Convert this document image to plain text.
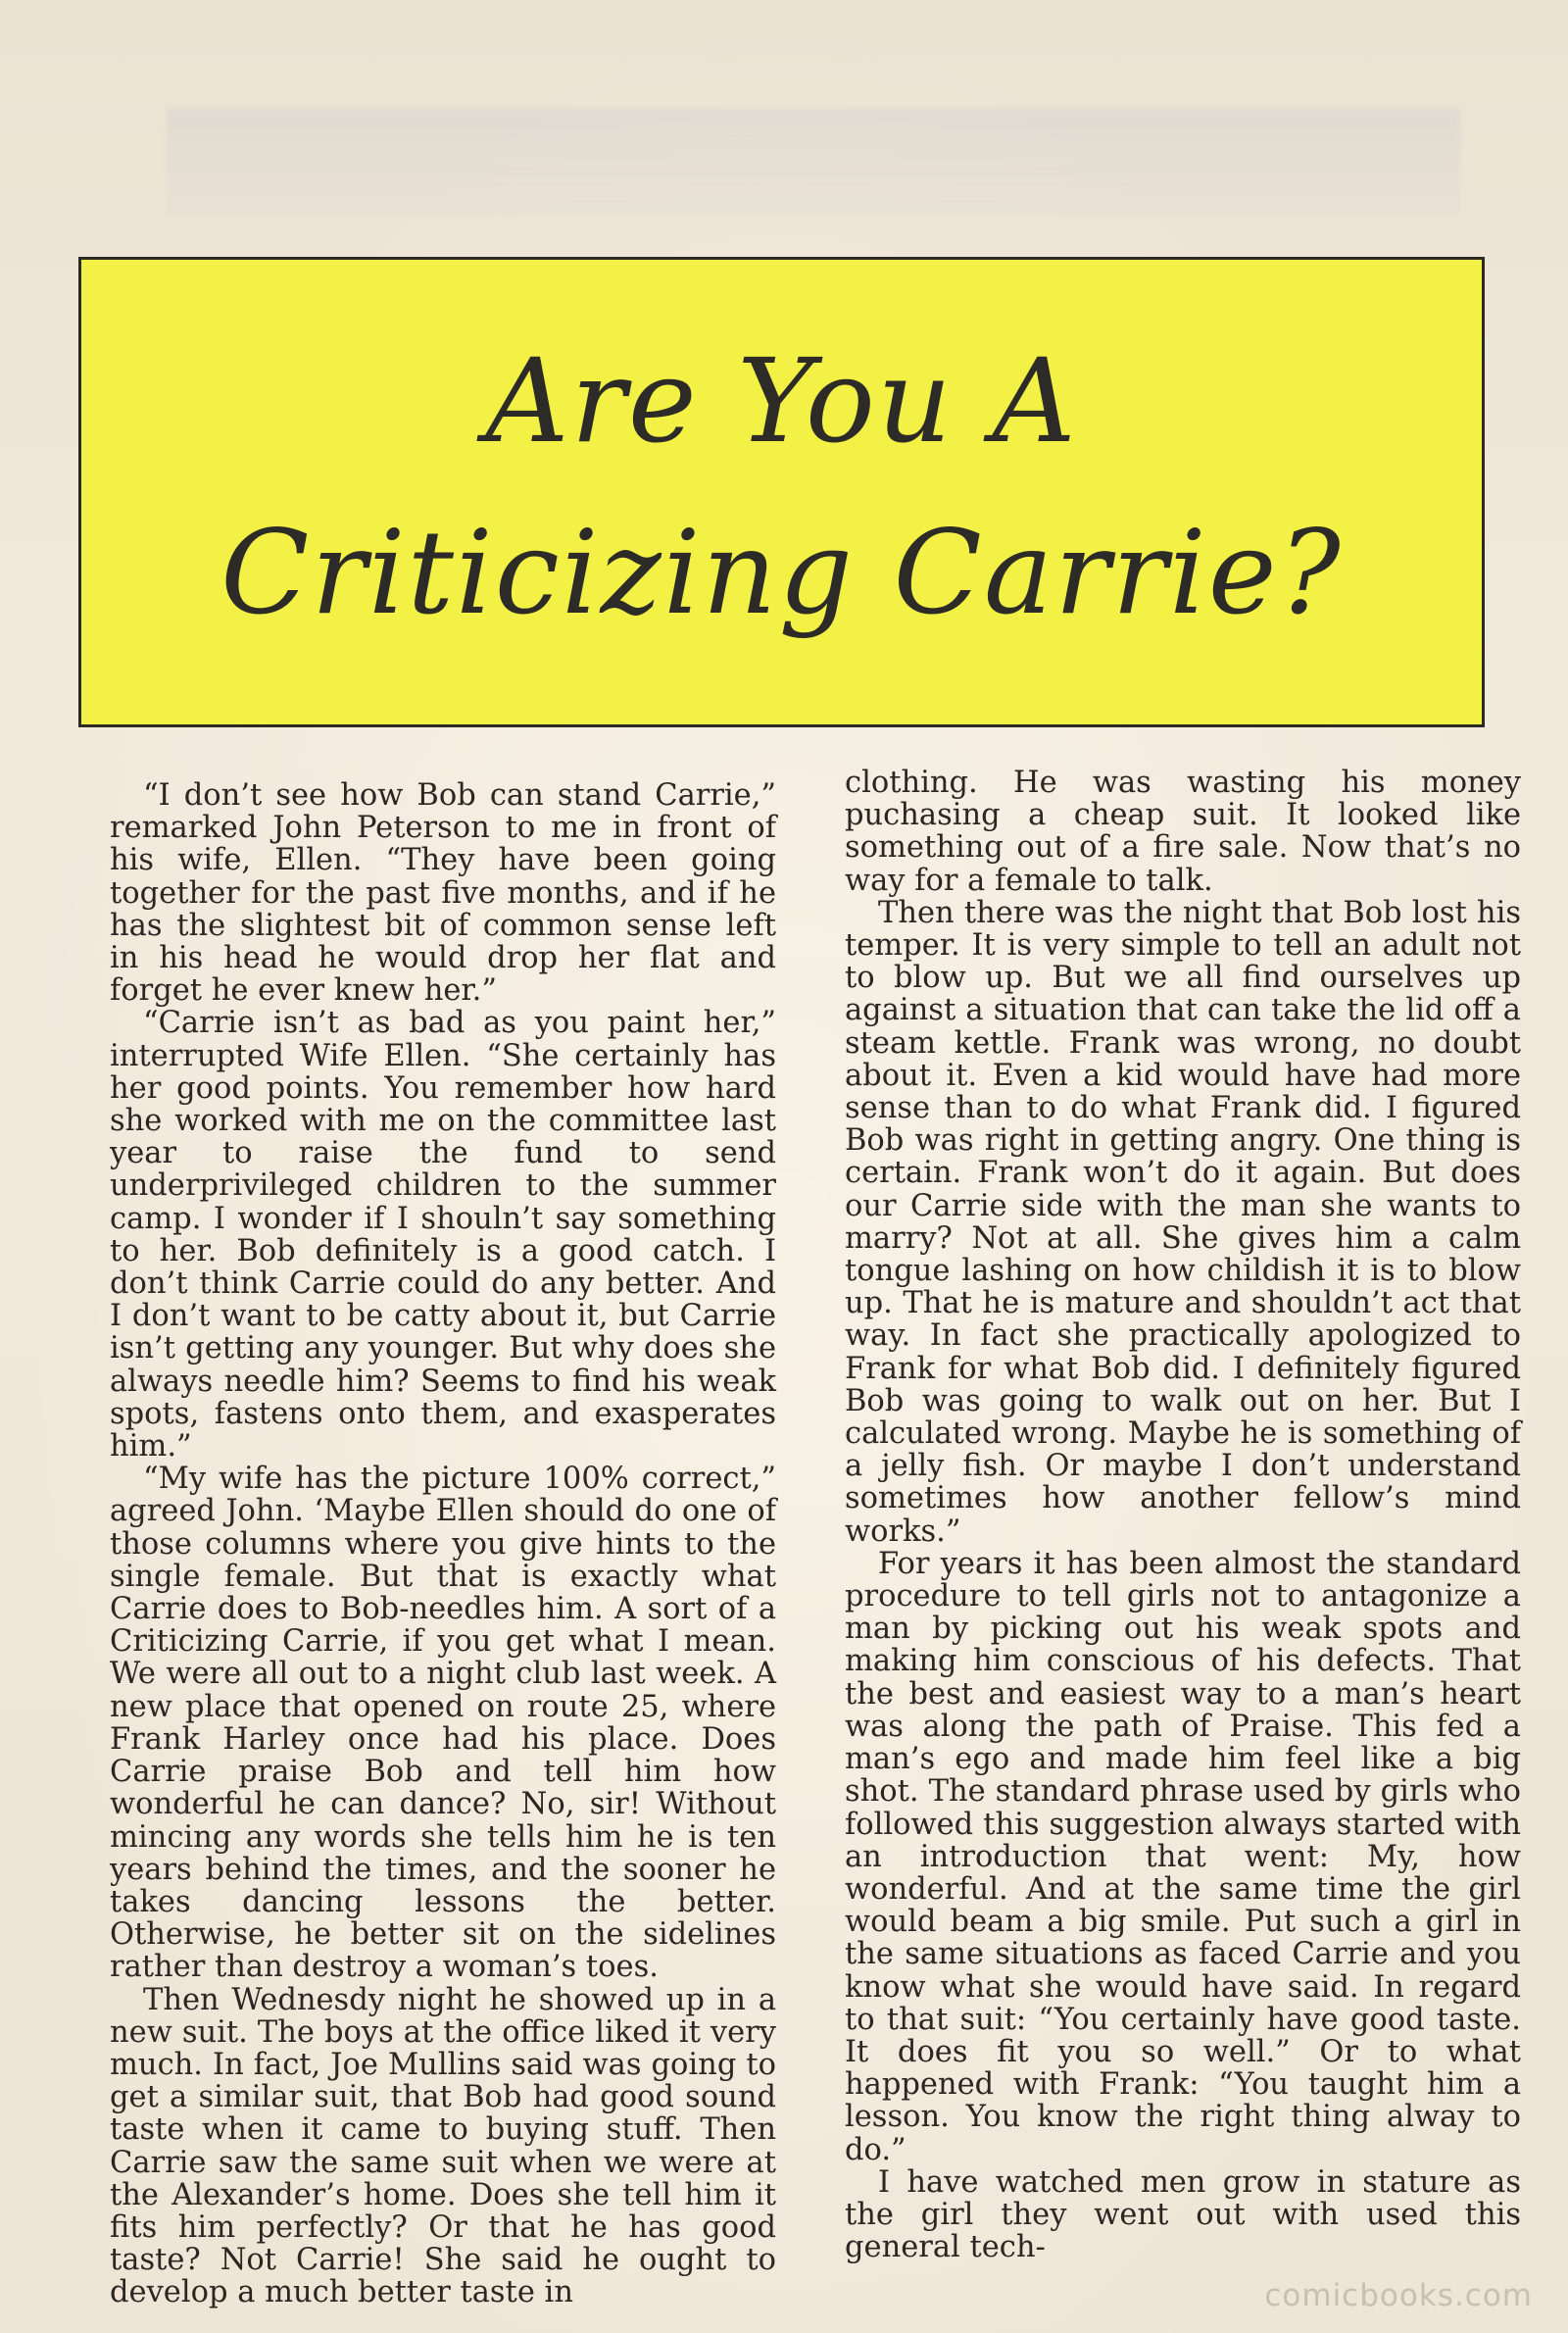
Are You A
Criticizing Carrie?

“I don’t see how Bob can stand Carrie,” remarked John Peterson to me in front of his wife, Ellen. “They have been going together for the past five months, and if he has the slightest bit of common sense left in his head he would drop her flat and forget he ever knew her.”

“Carrie isn’t as bad as you paint her,” interrupted Wife Ellen. “She certainly has her good points. You remember how hard she worked with me on the committee last year to raise the fund to send underprivileged children to the summer camp. I wonder if I shouln’t say something to her. Bob definitely is a good catch. I don’t think Carrie could do any better. And I don’t want to be catty about it, but Carrie isn’t getting any younger. But why does she always needle him? Seems to find his weak spots, fastens onto them, and exasperates him.”

“My wife has the picture 100% correct,” agreed John. ‘Maybe Ellen should do one of those columns where you give hints to the single female. But that is exactly what Carrie does to Bob-needles him. A sort of a Criticizing Carrie, if you get what I mean. We were all out to a night club last week. A new place that opened on route 25, where Frank Harley once had his place. Does Carrie praise Bob and tell him how wonderful he can dance? No, sir! Without mincing any words she tells him he is ten years behind the times, and the sooner he takes dancing lessons the better. Otherwise, he better sit on the sidelines rather than destroy a woman’s toes.

Then Wednesdy night he showed up in a new suit. The boys at the office liked it very much. In fact, Joe Mullins said was going to get a similar suit, that Bob had good sound taste when it came to buying stuff. Then Carrie saw the same suit when we were at the Alexander’s home. Does she tell him it fits him perfectly? Or that he has good taste? Not Carrie! She said he ought to develop a much better taste in

clothing. He was wasting his money puchasing a cheap suit. It looked like something out of a fire sale. Now that’s no way for a female to talk.

Then there was the night that Bob lost his temper. It is very simple to tell an adult not to blow up. But we all find ourselves up against a situation that can take the lid off a steam kettle. Frank was wrong, no doubt about it. Even a kid would have had more sense than to do what Frank did. I figured Bob was right in getting angry. One thing is certain. Frank won’t do it again. But does our Carrie side with the man she wants to marry? Not at all. She gives him a calm tongue lashing on how childish it is to blow up. That he is mature and shouldn’t act that way. In fact she practically apologized to Frank for what Bob did. I definitely figured Bob was going to walk out on her. But I calculated wrong. Maybe he is something of a jelly fish. Or maybe I don’t understand sometimes how another fellow’s mind works.”

For years it has been almost the standard procedure to tell girls not to antagonize a man by picking out his weak spots and making him conscious of his defects. That the best and easiest way to a man’s heart was along the path of Praise. This fed a man’s ego and made him feel like a big shot. The standard phrase used by girls who followed this suggestion always started with an introduction that went: My, how wonderful. And at the same time the girl would beam a big smile. Put such a girl in the same situations as faced Carrie and you know what she would have said. In regard to that suit: “You certainly have good taste. It does fit you so well.” Or to what happened with Frank: “You taught him a lesson. You know the right thing alway to do.”

I have watched men grow in stature as the girl they went out with used this general tech-

comicbooks.com
